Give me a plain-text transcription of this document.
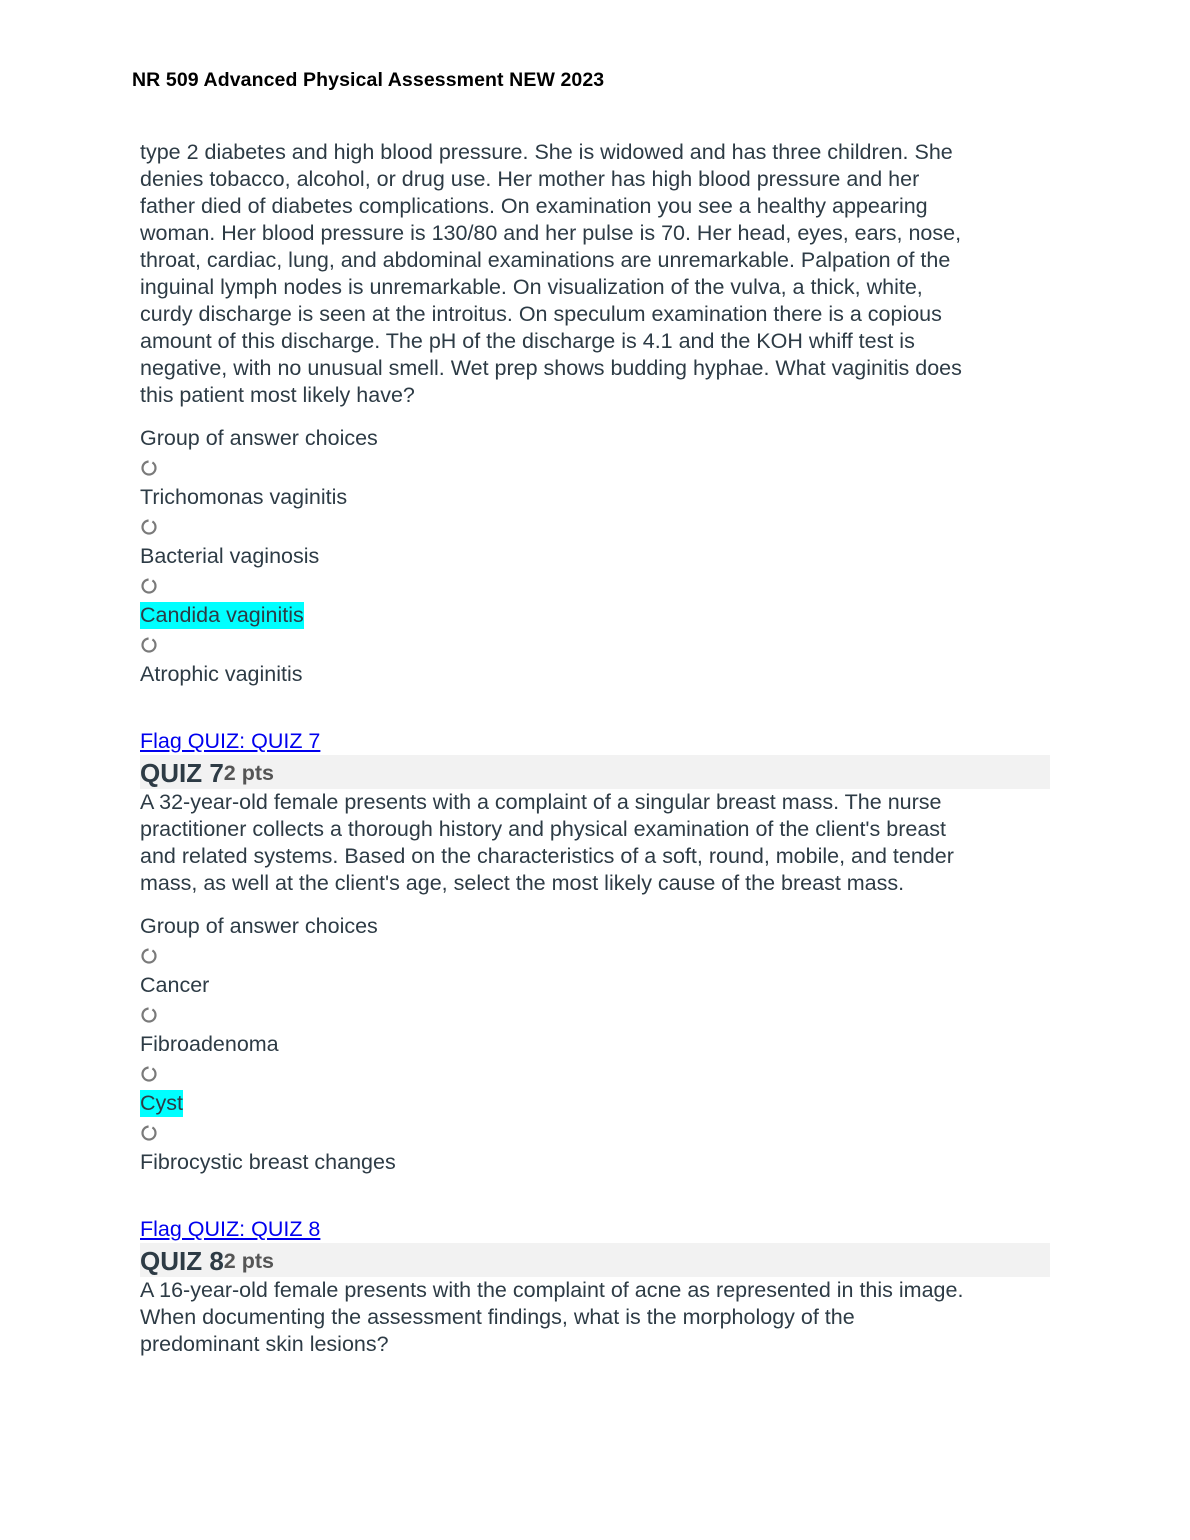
NR 509 Advanced Physical Assessment NEW 2023

type 2 diabetes and high blood pressure. She is widowed and has three children. She
denies tobacco, alcohol, or drug use. Her mother has high blood pressure and her
father died of diabetes complications. On examination you see a healthy appearing
woman. Her blood pressure is 130/80 and her pulse is 70. Her head, eyes, ears, nose,
throat, cardiac, lung, and abdominal examinations are unremarkable. Palpation of the
inguinal lymph nodes is unremarkable. On visualization of the vulva, a thick, white,
curdy discharge is seen at the introitus. On speculum examination there is a copious
amount of this discharge. The pH of the discharge is 4.1 and the KOH whiff test is
negative, with no unusual smell. Wet prep shows budding hyphae. What vaginitis does
this patient most likely have?

Group of answer choices

Trichomonas vaginitis

Bacterial vaginosis

Candida vaginitis

Atrophic vaginitis

Flag QUIZ: QUIZ 7
QUIZ 7 2 pts

A 32-year-old female presents with a complaint of a singular breast mass. The nurse
practitioner collects a thorough history and physical examination of the client's breast
and related systems. Based on the characteristics of a soft, round, mobile, and tender
mass, as well at the client's age, select the most likely cause of the breast mass.

Group of answer choices

Cancer

Fibroadenoma

Cyst

Fibrocystic breast changes

Flag QUIZ: QUIZ 8
QUIZ 8 2 pts

A 16-year-old female presents with the complaint of acne as represented in this image.
When documenting the assessment findings, what is the morphology of the
predominant skin lesions?
